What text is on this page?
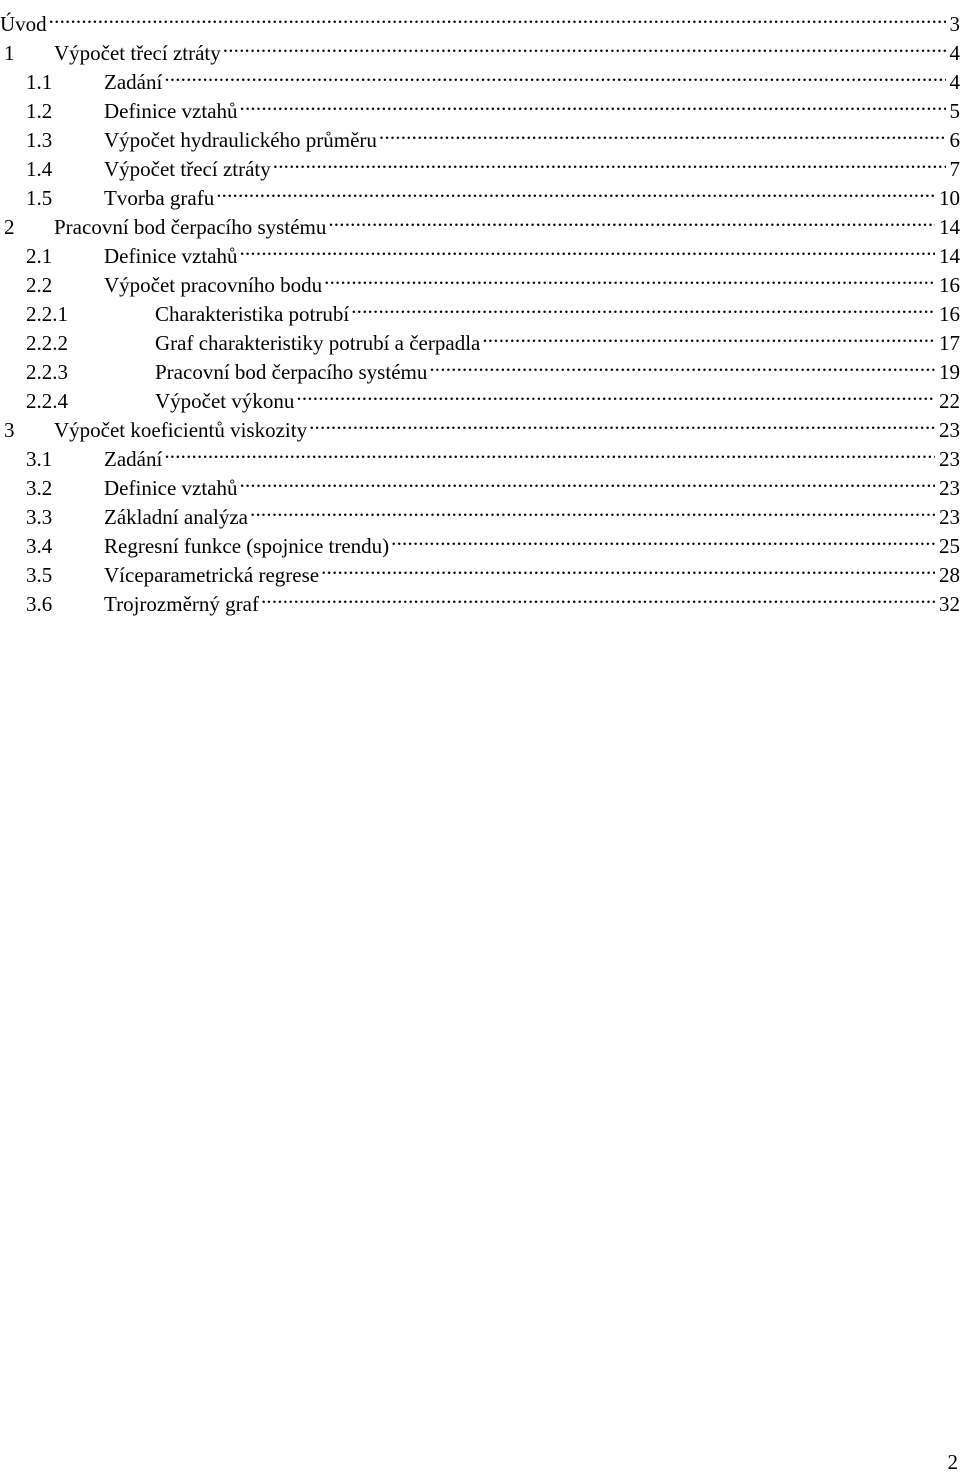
Úvod .....	3
1	Výpočet třecí ztráty .....	4
1.1	Zadání .....	4
1.2	Definice vztahů .....	5
1.3	Výpočet hydraulického průměru .....	6
1.4	Výpočet třecí ztráty .....	7
1.5	Tvorba grafu .....	10
2	Pracovní bod čerpacího systému .....	14
2.1	Definice vztahů .....	14
2.2	Výpočet pracovního bodu .....	16
2.2.1	Charakteristika potrubí .....	16
2.2.2	Graf charakteristiky potrubí a čerpadla .....	17
2.2.3	Pracovní bod čerpacího systému .....	19
2.2.4	Výpočet výkonu .....	22
3	Výpočet koeficientů viskozity .....	23
3.1	Zadání .....	23
3.2	Definice vztahů .....	23
3.3	Základní analýza .....	23
3.4	Regresní funkce (spojnice trendu) .....	25
3.5	Víceparametrická regrese .....	28
3.6	Trojrozměrný graf .....	32
2
